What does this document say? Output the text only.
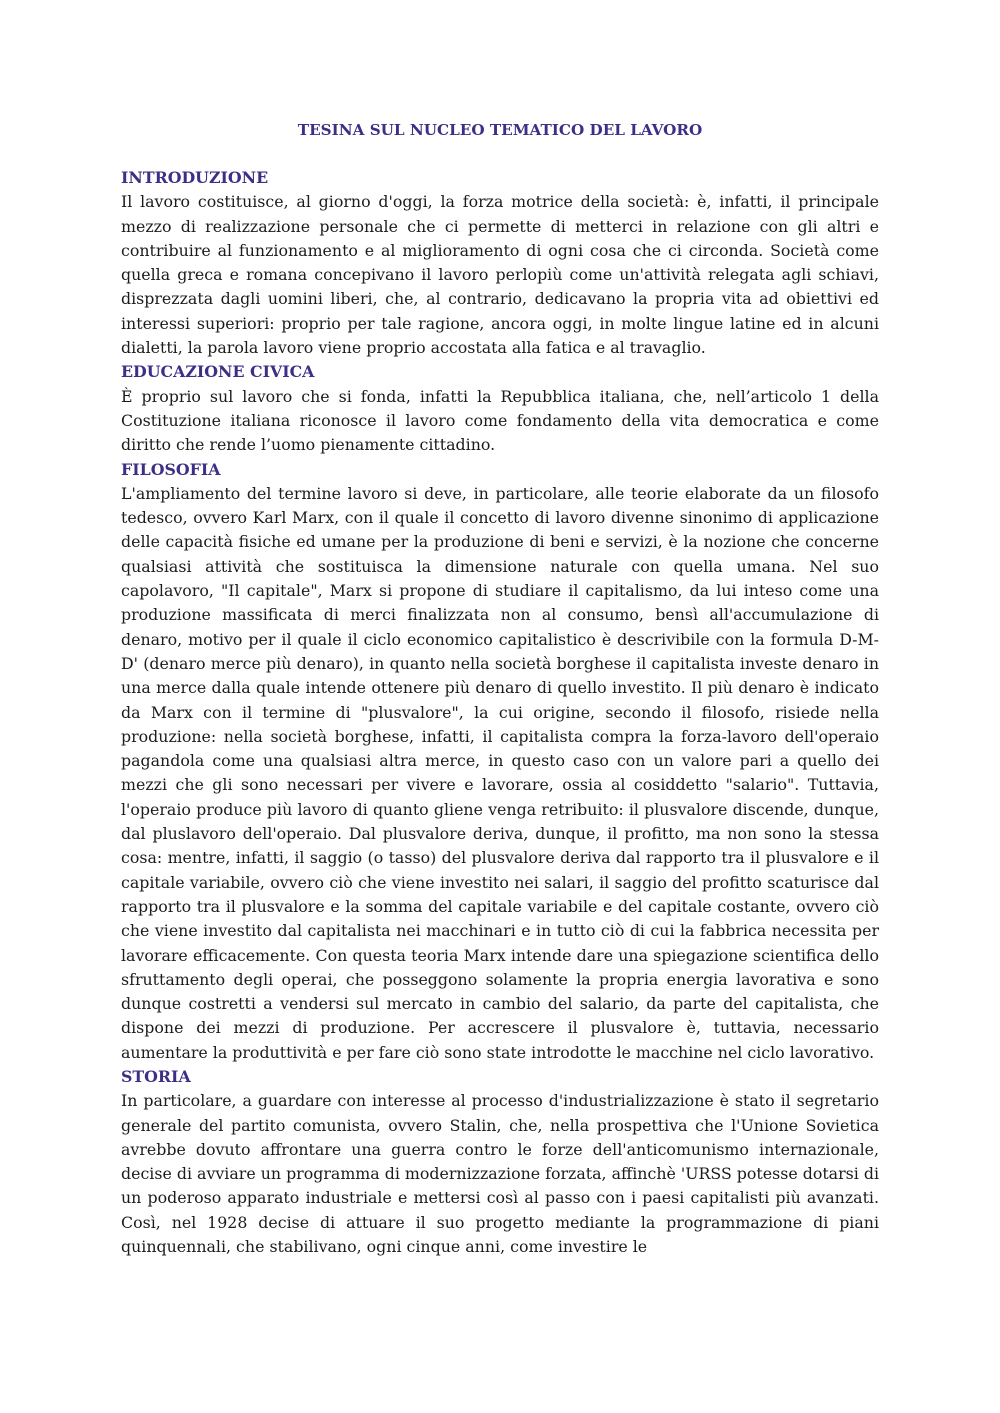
TESINA SUL NUCLEO TEMATICO DEL LAVORO
INTRODUZIONE

Il lavoro costituisce, al giorno d'oggi, la forza motrice della società: è, infatti, il principale mezzo di realizzazione personale che ci permette di metterci in relazione con gli altri e contribuire al funzionamento e al miglioramento di ogni cosa che ci circonda. Società come quella greca e romana concepivano il lavoro perlopiù come un'attività relegata agli schiavi, disprezzata dagli uomini liberi, che, al contrario, dedicavano la propria vita ad obiettivi ed interessi superiori: proprio per tale ragione, ancora oggi, in molte lingue latine ed in alcuni dialetti, la parola lavoro viene proprio accostata alla fatica e al travaglio.

EDUCAZIONE CIVICA

È proprio sul lavoro che si fonda, infatti la Repubblica italiana, che, nell’articolo 1 della Costituzione italiana riconosce il lavoro come fondamento della vita democratica e come diritto che rende l’uomo pienamente cittadino.

FILOSOFIA

L'ampliamento del termine lavoro si deve, in particolare, alle teorie elaborate da un filosofo tedesco, ovvero Karl Marx, con il quale il concetto di lavoro divenne sinonimo di applicazione delle capacità fisiche ed umane per la produzione di beni e servizi, è la nozione che concerne qualsiasi attività che sostituisca la dimensione naturale con quella umana. Nel suo capolavoro, "Il capitale", Marx si propone di studiare il capitalismo, da lui inteso come una produzione massificata di merci finalizzata non al consumo, bensì all'accumulazione di denaro, motivo per il quale il ciclo economico capitalistico è descrivibile con la formula D-M-D' (denaro merce più denaro), in quanto nella società borghese il capitalista investe denaro in una merce dalla quale intende ottenere più denaro di quello investito. Il più denaro è indicato da Marx con il termine di "plusvalore", la cui origine, secondo il filosofo, risiede nella produzione: nella società borghese, infatti, il capitalista compra la forza-lavoro dell'operaio pagandola come una qualsiasi altra merce, in questo caso con un valore pari a quello dei mezzi che gli sono necessari per vivere e lavorare, ossia al cosiddetto "salario". Tuttavia, l'operaio produce più lavoro di quanto gliene venga retribuito: il plusvalore discende, dunque, dal pluslavoro dell'operaio. Dal plusvalore deriva, dunque, il profitto, ma non sono la stessa cosa: mentre, infatti, il saggio (o tasso) del plusvalore deriva dal rapporto tra il plusvalore e il capitale variabile, ovvero ciò che viene investito nei salari, il saggio del profitto scaturisce dal rapporto tra il plusvalore e la somma del capitale variabile e del capitale costante, ovvero ciò che viene investito dal capitalista nei macchinari e in tutto ciò di cui la fabbrica necessita per lavorare efficacemente. Con questa teoria Marx intende dare una spiegazione scientifica dello sfruttamento degli operai, che posseggono solamente la propria energia lavorativa e sono dunque costretti a vendersi sul mercato in cambio del salario, da parte del capitalista, che dispone dei mezzi di produzione. Per accrescere il plusvalore è, tuttavia, necessario aumentare la produttività e per fare ciò sono state introdotte le macchine nel ciclo lavorativo.

STORIA

In particolare, a guardare con interesse al processo d'industrializzazione è stato il segretario generale del partito comunista, ovvero Stalin, che, nella prospettiva che l'Unione Sovietica avrebbe dovuto affrontare una guerra contro le forze dell'anticomunismo internazionale, decise di avviare un programma di modernizzazione forzata, affinchè 'URSS potesse dotarsi di un poderoso apparato industriale e mettersi così al passo con i paesi capitalisti più avanzati. Così, nel 1928 decise di attuare il suo progetto mediante la programmazione di piani quinquennali, che stabilivano, ogni cinque anni, come investire le
